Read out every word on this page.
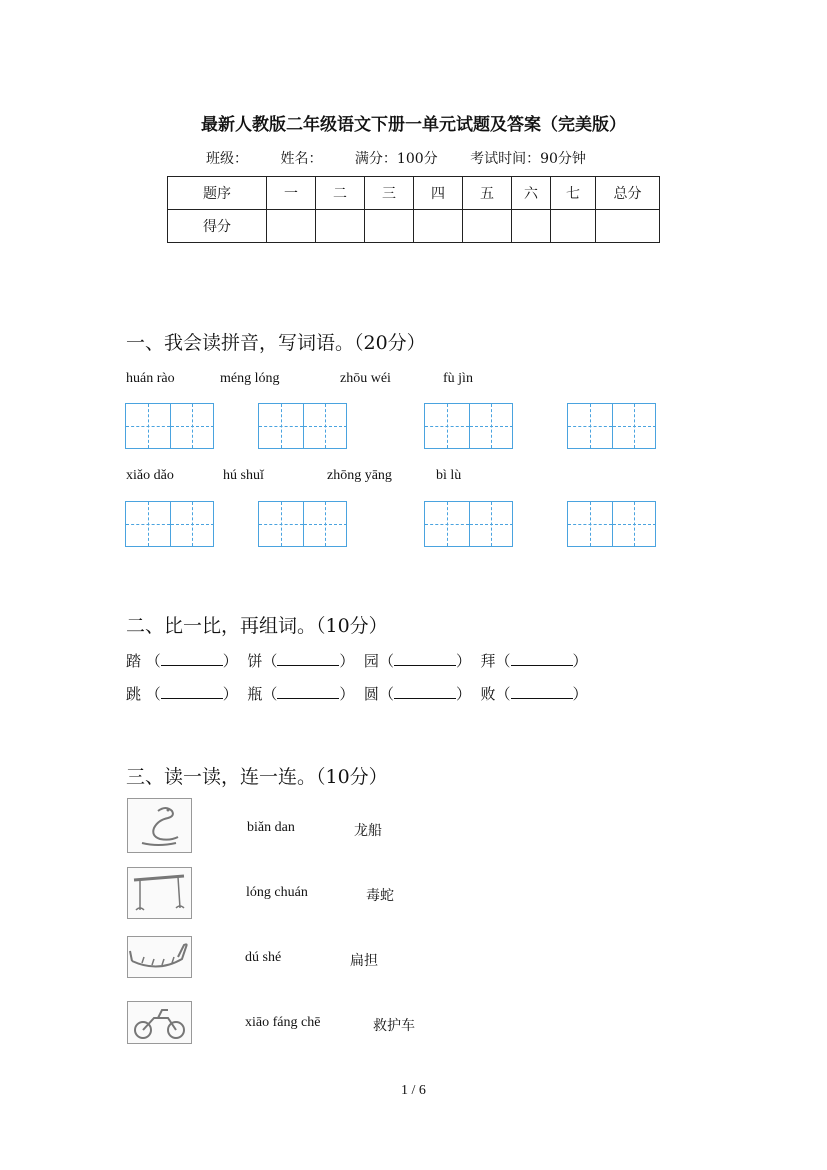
最新人教版二年级语文下册一单元试题及答案（完美版）
班级： 姓名： 满分：100分 考试时间：90分钟
题序	一	二	三	四	五	六	七	总分
得分								
一、我会读拼音，写词语。（20分）
huán rào	méng lóng	zhōu wéi	fù jìn
xiǎo dǎo	hú shuǐ	zhōng yāng	bì lù
二、比一比，再组词。（10分）
踏 （	）  饼（	）  园（	）  拜（	）
跳 （	）  瓶（	）  圆（	）  败（	）
三、读一读，连一连。（10分）
biǎn dan	龙船
lóng chuán	毒蛇
dú shé	扁担
xiāo fáng chē	救护车
1 / 6
